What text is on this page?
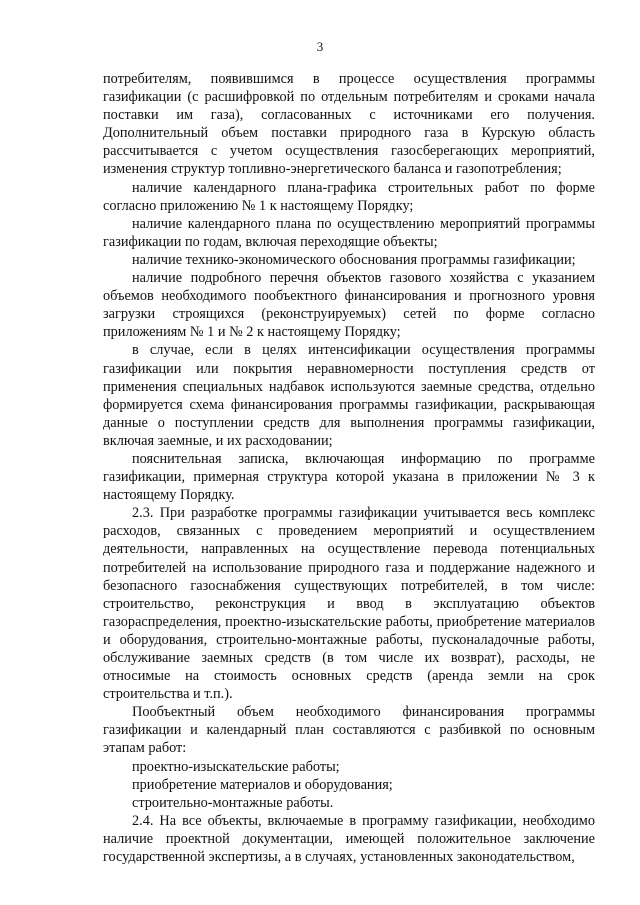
3

потребителям, появившимся в процессе осуществления программы газификации (с расшифровкой по отдельным потребителям и сроками начала поставки им газа), согласованных с источниками его получения. Дополнительный объем поставки природного газа в Курскую область рассчитывается с учетом осуществления газосберегающих мероприятий, изменения структур топливно-энергетического баланса и газопотребления;

наличие календарного плана-графика строительных работ по форме согласно приложению № 1 к настоящему Порядку;

наличие календарного плана по осуществлению мероприятий программы газификации по годам, включая переходящие объекты;

наличие технико-экономического обоснования программы газификации;

наличие подробного перечня объектов газового хозяйства с указанием объемов необходимого пообъектного финансирования и прогнозного уровня загрузки строящихся (реконструируемых) сетей по форме согласно приложениям № 1 и № 2 к настоящему Порядку;

в случае, если в целях интенсификации осуществления программы газификации или покрытия неравномерности поступления средств от применения специальных надбавок используются заемные средства, отдельно формируется схема финансирования программы газификации, раскрывающая данные о поступлении средств для выполнения программы газификации, включая заемные, и их расходовании;

пояснительная записка, включающая информацию по программе газификации, примерная структура которой указана в приложении № 3 к настоящему Порядку.

2.3. При разработке программы газификации учитывается весь комплекс расходов, связанных с проведением мероприятий и осуществлением деятельности, направленных на осуществление перевода потенциальных потребителей на использование природного газа и поддержание надежного и безопасного газоснабжения существующих потребителей, в том числе: строительство, реконструкция и ввод в эксплуатацию объектов газораспределения, проектно-изыскательские работы, приобретение материалов и оборудования, строительно-монтажные работы, пусконаладочные работы, обслуживание заемных средств (в том числе их возврат), расходы, не относимые на стоимость основных средств (аренда земли на срок строительства и т.п.).

Пообъектный объем необходимого финансирования программы газификации и календарный план составляются с разбивкой по основным этапам работ:

проектно-изыскательские работы;

приобретение материалов и оборудования;

строительно-монтажные работы.

2.4. На все объекты, включаемые в программу газификации, необходимо наличие проектной документации, имеющей положительное заключение государственной экспертизы, а в случаях, установленных законодательством,
